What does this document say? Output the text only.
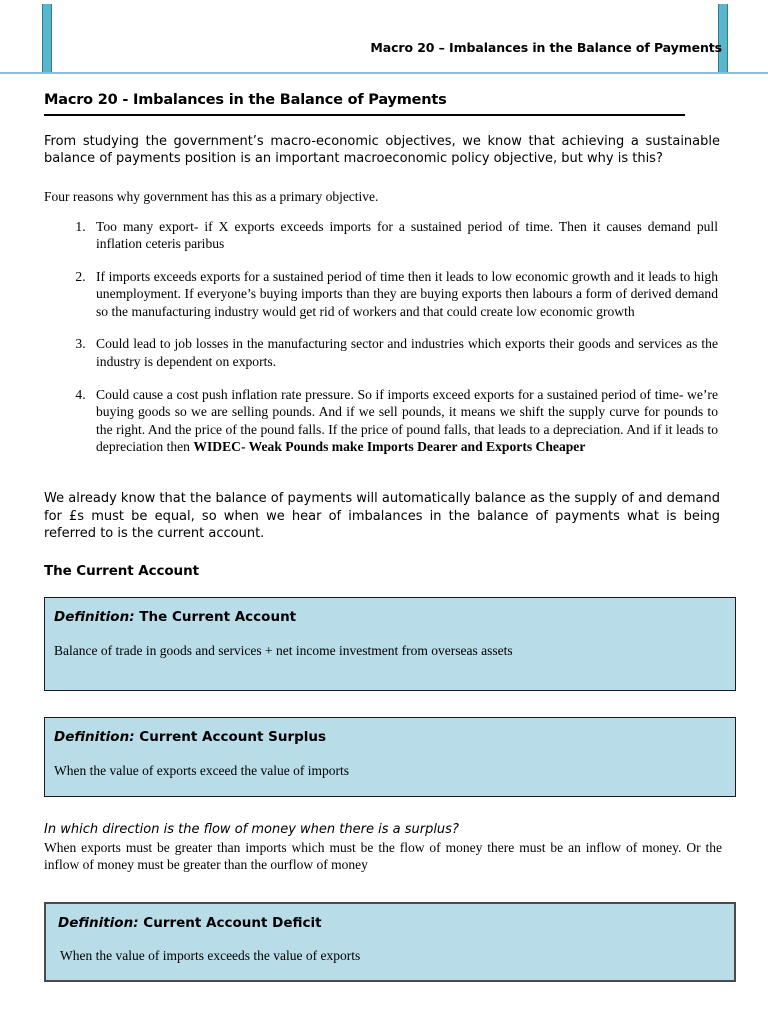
Macro 20 – Imbalances in the Balance of Payments
Macro 20 - Imbalances in the Balance of Payments

From studying the government’s macro-economic objectives, we know that achieving a sustainable balance of payments position is an important macroeconomic policy objective, but why is this?

Four reasons why government has this as a primary objective.

1. Too many export- if X exports exceeds imports for a sustained period of time. Then it causes demand pull inflation ceteris paribus
2. If imports exceeds exports for a sustained period of time then it leads to low economic growth and it leads to high unemployment. If everyone’s buying imports than they are buying exports then labours a form of derived demand so the manufacturing industry would get rid of workers and that could create low economic growth
3. Could lead to job losses in the manufacturing sector and industries which exports their goods and services as the industry is dependent on exports.
4. Could cause a cost push inflation rate pressure. So if imports exceed exports for a sustained period of time- we’re buying goods so we are selling pounds. And if we sell pounds, it means we shift the supply curve for pounds to the right. And the price of the pound falls. If the price of pound falls, that leads to a depreciation. And if it leads to depreciation then WIDEC- Weak Pounds make Imports Dearer and Exports Cheaper

We already know that the balance of payments will automatically balance as the supply of and demand for £s must be equal, so when we hear of imbalances in the balance of payments what is being referred to is the current account.

The Current Account
Definition: The Current Account
Balance of trade in goods and services + net income investment from overseas assets
Definition: Current Account Surplus
When the value of exports exceed the value of imports

In which direction is the flow of money when there is a surplus?

When exports must be greater than imports which must be the flow of money there must be an inflow of money. Or the inflow of money must be greater than the ourflow of money

Definition: Current Account Deficit
When the value of imports exceeds the value of exports
